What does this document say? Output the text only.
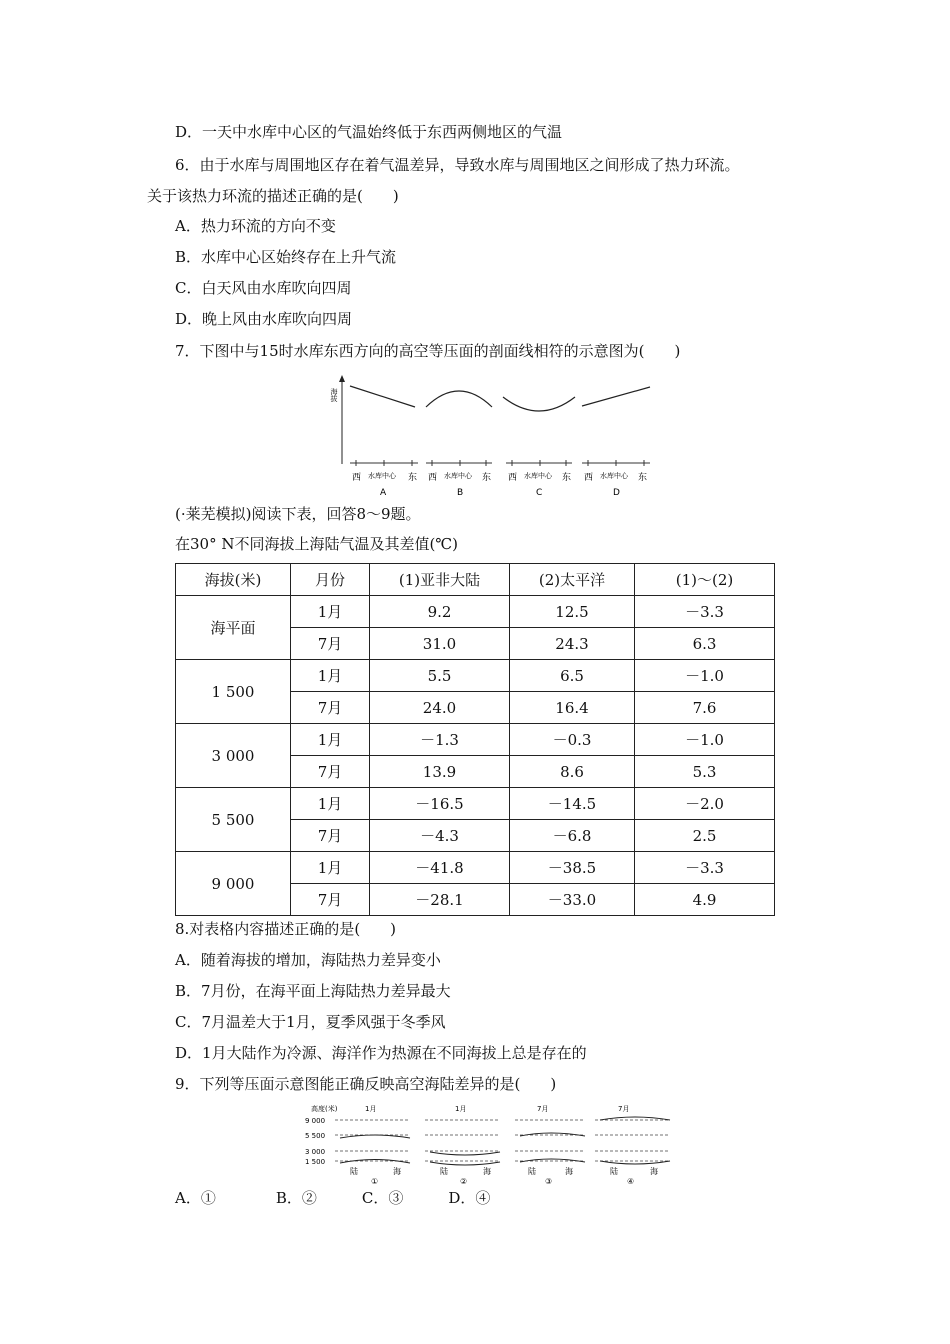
D．一天中水库中心区的气温始终低于东西两侧地区的气温
6．由于水库与周围地区存在着气温差异，导致水库与周围地区之间形成了热力环流。
关于该热力环流的描述正确的是(　　)
A．热力环流的方向不变
B．水库中心区始终存在上升气流
C．白天风由水库吹向四周
D．晚上风由水库吹向四周
7．下图中与15时水库东西方向的高空等压面的剖面线相符的示意图为(　　)
海拔
西 水库中心 东 西 水库中心 东 西 水库中心 东 西 水库中心 东
A	B	C	D
(·莱芜模拟)阅读下表，回答8～9题。
在30° N不同海拔上海陆气温及其差值(℃)
海拔(米)	月份	(1)亚非大陆	(2)太平洋	(1)～(2)
海平面	1月	9.2	12.5	－3.3
	7月	31.0	24.3	6.3
1 500	1月	5.5	6.5	－1.0
	7月	24.0	16.4	7.6
3 000	1月	－1.3	－0.3	－1.0
	7月	13.9	8.6	5.3
5 500	1月	－16.5	－14.5	－2.0
	7月	－4.3	－6.8	2.5
9 000	1月	－41.8	－38.5	－3.3
	7月	－28.1	－33.0	4.9
8.对表格内容描述正确的是(　　)
A．随着海拔的增加，海陆热力差异变小
B．7月份，在海平面上海陆热力差异最大
C．7月温差大于1月，夏季风强于冬季风
D．1月大陆作为冷源、海洋作为热源在不同海拔上总是存在的
9．下列等压面示意图能正确反映高空海陆差异的是(　　)
高度(米)
9 000
5 500
3 000
1 500
1月	1月	7月	7月
陆	海	陆	海	陆	海	陆	海
①	②	③	④
A．①　　　　B．②　　　C．③　　　D．④
